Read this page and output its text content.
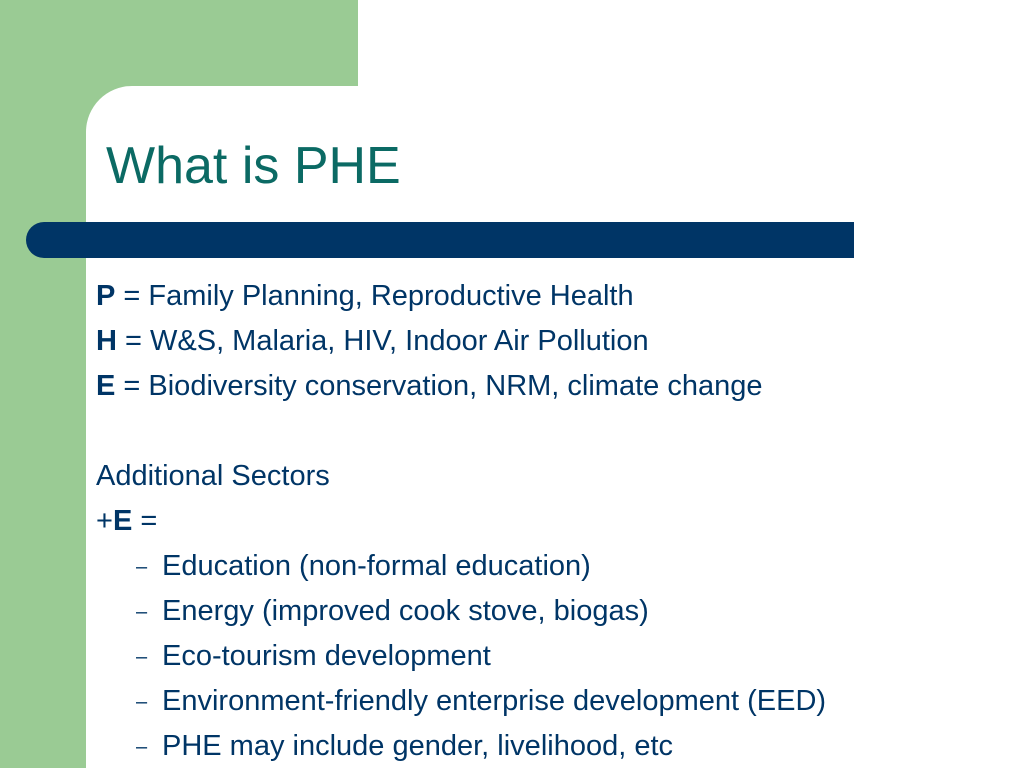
What is PHE
P = Family Planning, Reproductive Health
H = W&S, Malaria, HIV, Indoor Air Pollution
E = Biodiversity conservation, NRM, climate change
Additional Sectors
+E =
– Education (non-formal education)
– Energy (improved cook stove, biogas)
– Eco-tourism development
– Environment-friendly enterprise development (EED)
– PHE may include gender, livelihood, etc
